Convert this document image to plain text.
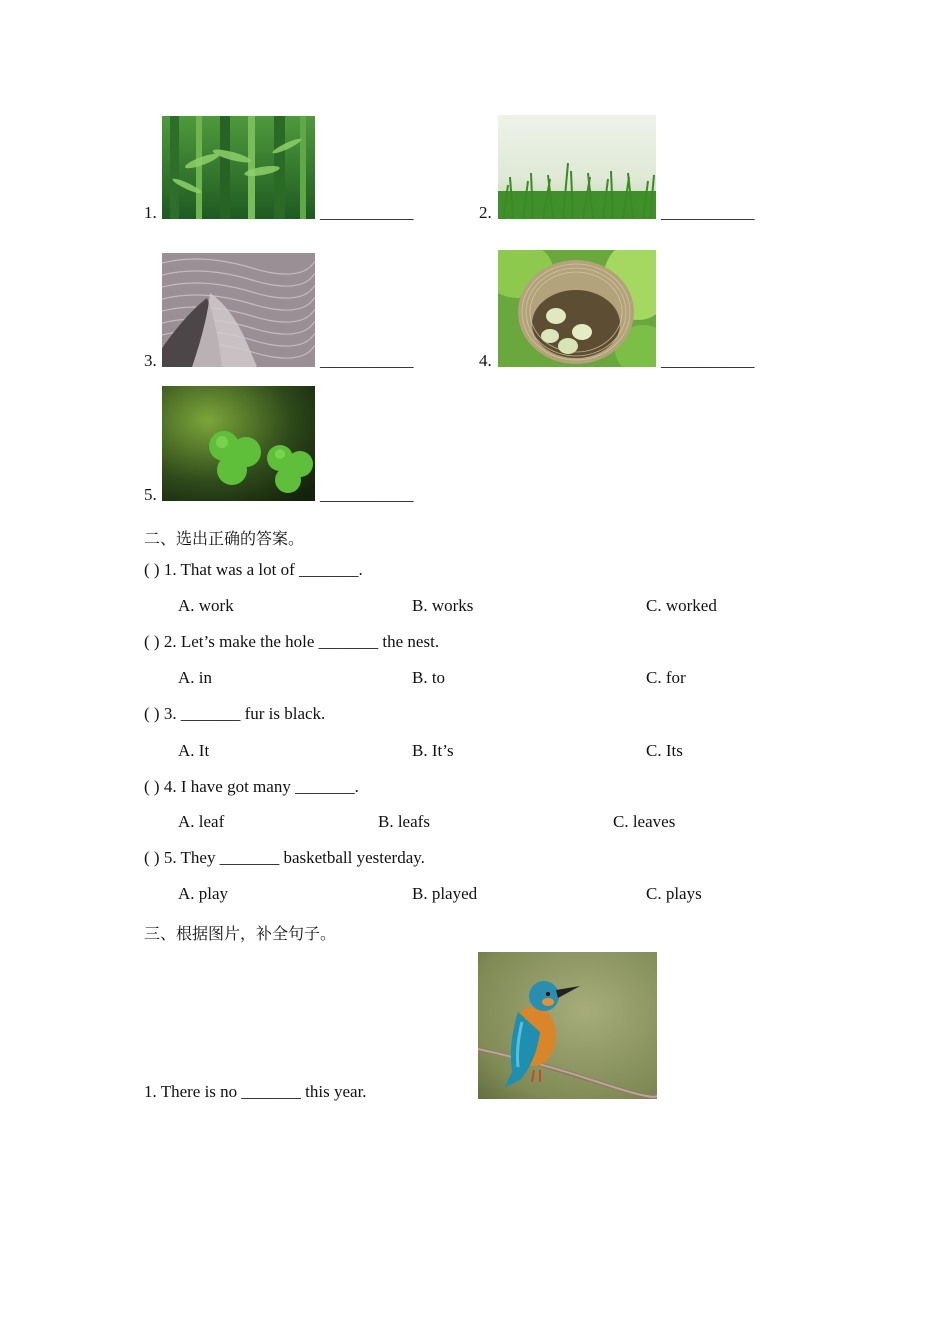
1.	___________	2.	___________
3.	___________	4.	___________
5.	___________
二、选出正确的答案。
( ) 1. That was a lot of _______.
A. work	B. works	C. worked
( ) 2. Let’s make the hole _______ the nest.
A. in	B. to	C. for
( ) 3. _______ fur is black.
A. It	B. It’s	C. Its
( ) 4. I have got many _______.
A. leaf	B. leafs	C. leaves
( ) 5. They _______ basketball yesterday.
A. play	B. played	C. plays
三、根据图片，补全句子。
1. There is no _______ this year.
